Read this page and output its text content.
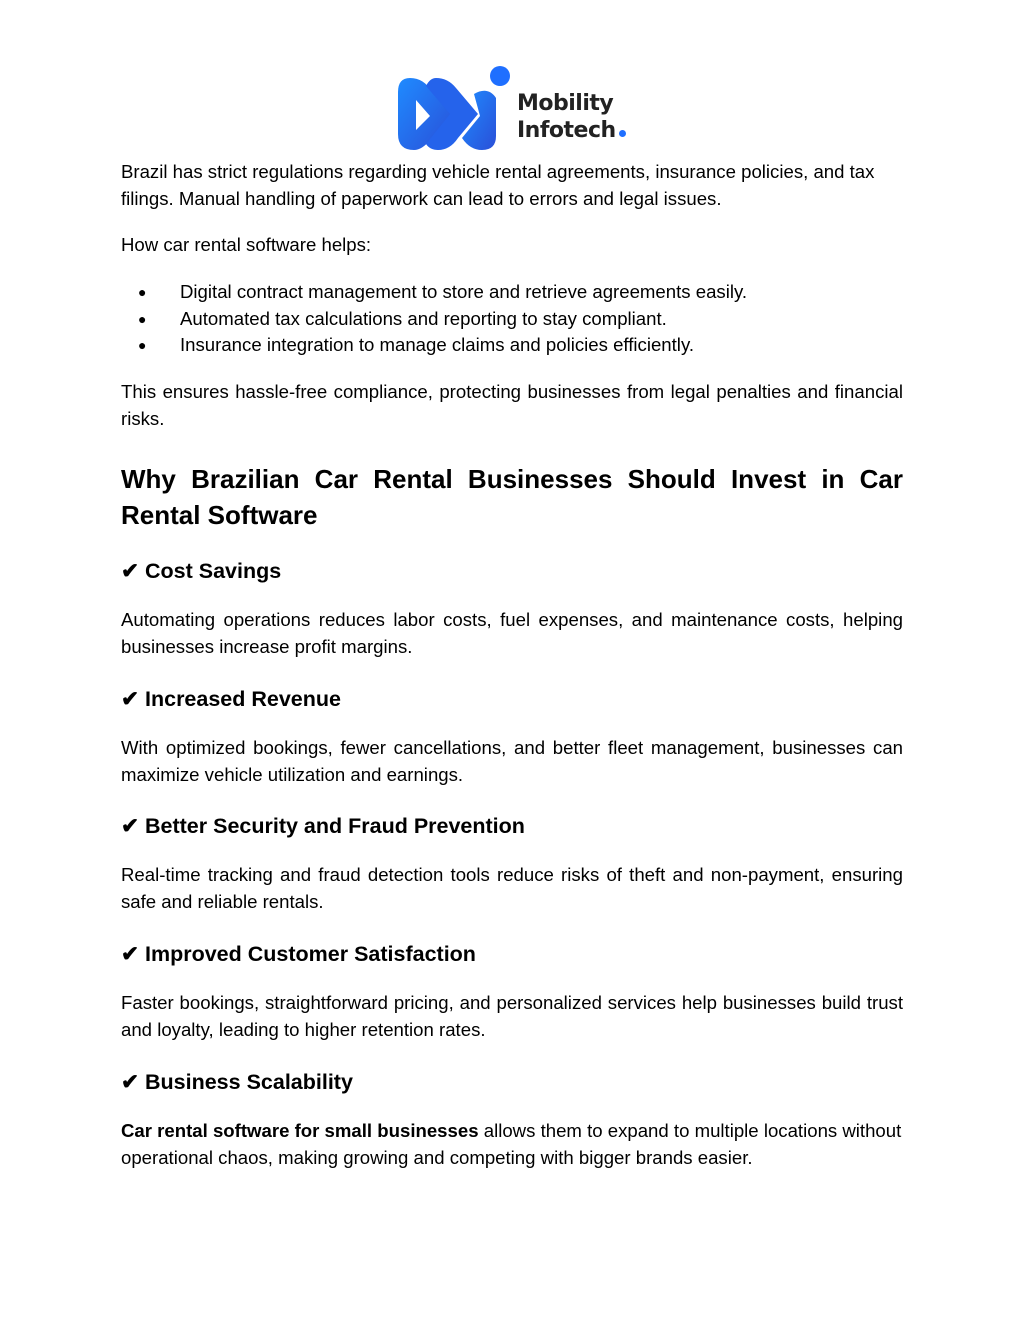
Mobility
Infotech

Brazil has strict regulations regarding vehicle rental agreements, insurance policies, and tax filings. Manual handling of paperwork can lead to errors and legal issues.

How car rental software helps:

● Digital contract management to store and retrieve agreements easily.
● Automated tax calculations and reporting to stay compliant.
● Insurance integration to manage claims and policies efficiently.

This ensures hassle-free compliance, protecting businesses from legal penalties and financial risks.

Why Brazilian Car Rental Businesses Should Invest in Car Rental Software
✔ Cost Savings

Automating operations reduces labor costs, fuel expenses, and maintenance costs, helping businesses increase profit margins.

✔ Increased Revenue

With optimized bookings, fewer cancellations, and better fleet management, businesses can maximize vehicle utilization and earnings.

✔ Better Security and Fraud Prevention

Real-time tracking and fraud detection tools reduce risks of theft and non-payment, ensuring safe and reliable rentals.

✔ Improved Customer Satisfaction

Faster bookings, straightforward pricing, and personalized services help businesses build trust and loyalty, leading to higher retention rates.

✔ Business Scalability

Car rental software for small businesses allows them to expand to multiple locations without operational chaos, making growing and competing with bigger brands easier.
